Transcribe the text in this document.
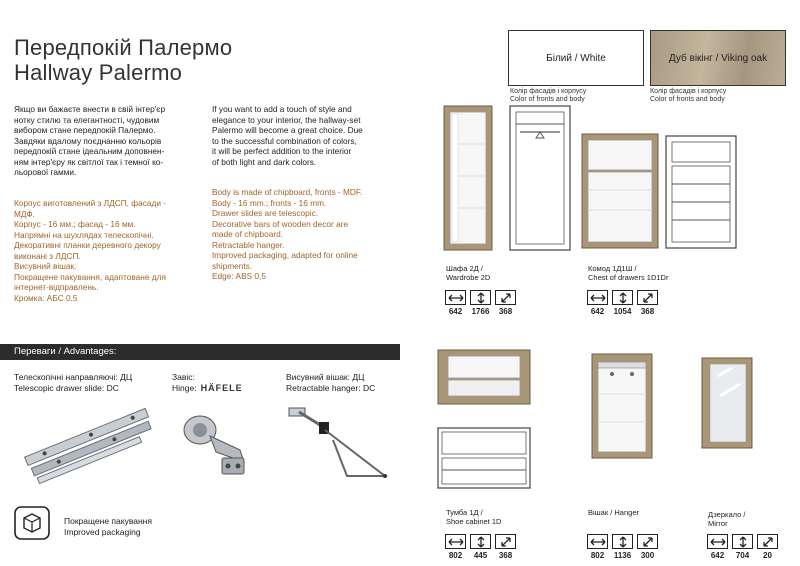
Передпокій Палермо
Hallway Palermo
Білий / White	Дуб вікінг / Viking oak
Колір фасадів і корпусу
Color of fronts and body
Колір фасадів і корпусу
Color of fronts and body

Якщо ви бажаєте внести в свій інтер'єр

нотку стилю та елегантності, чудовим

вибором стане передпокій Палермо.

Завдяки вдалому поєднанню кольорів

передпокій стане ідеальним доповнен-

ням інтер'єру як світлої так і темної ко-

льорової гамми.

Корпус виготовлений з ЛДСП, фасади -

МДФ.

Корпус - 16 мм.; фасад - 16 мм.

Напрямні на шухлядах телескопічні.

Декоративні планки деревного декору

виконані з ЛДСП.

Висувний вішак.

Покращене пакування, адаптоване для

інтернет-відправлень.

Кромка: АБС 0,5

If you want to add a touch of style and

elegance to your interior, the hallway-set

Palermo will become a great choice. Due

to the successful combination of colors,

it will be perfect addition to the interior

of both light and dark colors.

Body is made of chipboard, fronts - MDF.

Body - 16 mm.; fronts - 16 mm.

Drawer slides are telescopic.

Decorative bars of wooden decor are

made of chipboard.

Retractable hanger.

Improved packaging, adapted for online

shipments.

Edge: ABS 0,5

Переваги / Advantages:
Телескопічні направляючі: ДЦ
Telescopic drawer slide: DC
Завіс:
Hinge: HÄFELE
Висувний вішак: ДЦ
Retractable hanger: DC
Покращене пакування
Improved packaging
Шафа 2Д /
Wardrobe 2D
Комод 1Д1Ш /
Chest of drawers 1D1Dr
Тумба 1Д /
Shoe cabinet 1D
Вішак / Hanger	Дзеркало /
Mirror
642	1766	368	642	1054	368
802	445	368	802	1136	300	642	704	20
